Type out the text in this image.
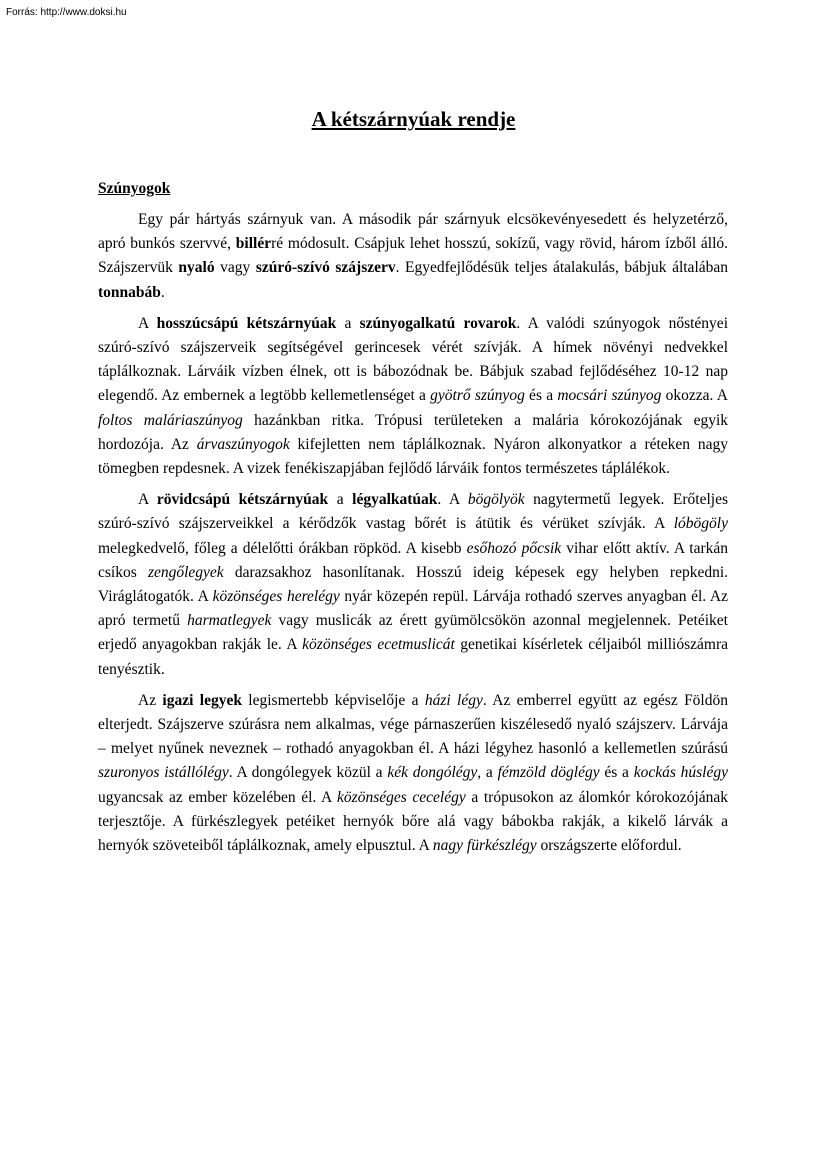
Forrás: http://www.doksi.hu
A kétszárnyúak rendje
Szúnyogok

Egy pár hártyás szárnyuk van. A második pár szárnyuk elcsökevényesedett és helyzetérző, apró bunkós szervvé, billérré módosult. Csápjuk lehet hosszú, sokízű, vagy rövid, három ízből álló. Szájszervük nyaló vagy szúró-szívó szájszerv. Egyedfejlődésük teljes átalakulás, bábjuk általában tonnabáb.

A hosszúcsápú kétszárnyúak a szúnyogalkatú rovarok. A valódi szúnyogok nőstényei szúró-szívó szájszerveik segítségével gerincesek vérét szívják. A hímek növényi nedvekkel táplálkoznak. Lárváik vízben élnek, ott is bábozódnak be. Bábjuk szabad fejlődéséhez 10-12 nap elegendő. Az embernek a legtöbb kellemetlenséget a gyötrő szúnyog és a mocsári szúnyog okozza. A foltos maláriaszúnyog hazánkban ritka. Trópusi területeken a malária kórokozójának egyik hordozója. Az árvaszúnyogok kifejletten nem táplálkoznak. Nyáron alkonyatkor a réteken nagy tömegben repdesnek. A vizek fenékiszapjában fejlődő lárváik fontos természetes táplálékok.

A rövidcsápú kétszárnyúak a légyalkatúak. A bögölyök nagytermetű legyek. Erőteljes szúró-szívó szájszerveikkel a kérődzők vastag bőrét is átütik és vérüket szívják. A lóbögöly melegkedvelő, főleg a délelőtti órákban röpköd. A kisebb esőhozó pőcsik vihar előtt aktív. A tarkán csíkos zengőlegyek darazsakhoz hasonlítanak. Hosszú ideig képesek egy helyben repkedni. Viráglátogatók. A közönséges herelégy nyár közepén repül. Lárvája rothadó szerves anyagban él. Az apró termetű harmatlegyek vagy muslicák az érett gyümölcsökön azonnal megjelennek. Petéiket erjedő anyagokban rakják le. A közönséges ecetmuslicát genetikai kísérletek céljaiból milliószámra tenyésztik.

Az igazi legyek legismertebb képviselője a házi légy. Az emberrel együtt az egész Földön elterjedt. Szájszerve szúrásra nem alkalmas, vége párnaszerűen kiszélesedő nyaló szájszerv. Lárvája – melyet nyűnek neveznek – rothadó anyagokban él. A házi légyhez hasonló a kellemetlen szúrású szuronyos istállólégy. A dongólegyek közül a kék dongólégy, a fémzöld döglégy és a kockás húslégy ugyancsak az ember közelében él. A közönséges cecelégy a trópusokon az álomkór kórokozójának terjesztője. A fürkészlegyek petéiket hernyók bőre alá vagy bábokba rakják, a kikelő lárvák a hernyók szöveteiből táplálkoznak, amely elpusztul. A nagy fürkészlégy országszerte előfordul.
